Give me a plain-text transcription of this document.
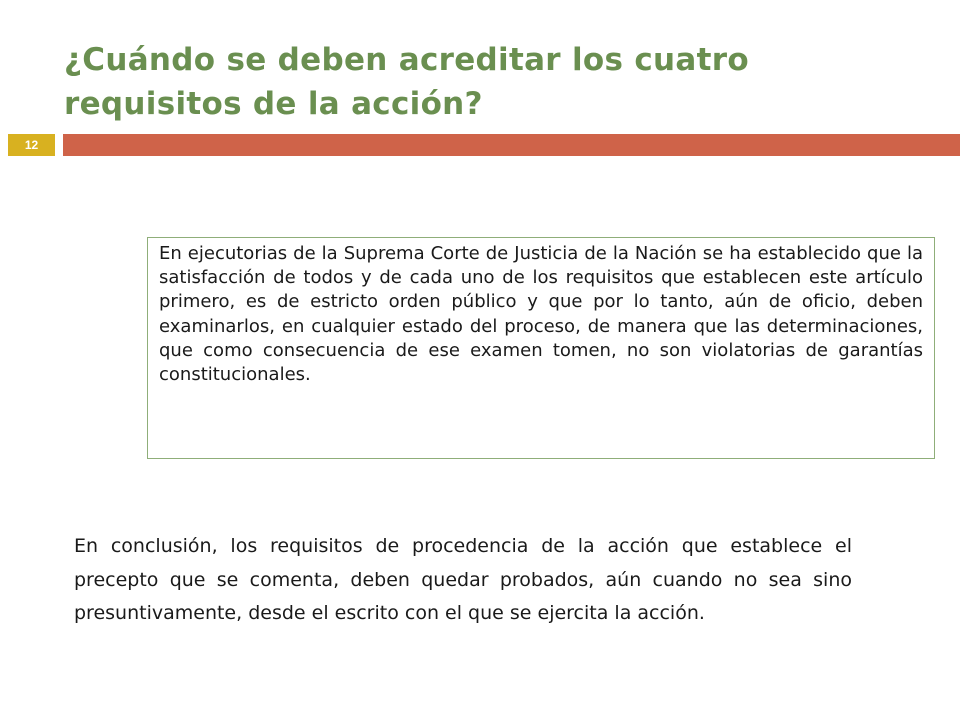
¿Cuándo se deben acreditar los cuatro requisitos de la acción?
12
En ejecutorias de la Suprema Corte de Justicia de la Nación se ha establecido que la satisfacción de todos y de cada uno de los requisitos que establecen este artículo primero, es de estricto orden público y que por lo tanto, aún de oficio, deben examinarlos, en cualquier estado del proceso, de manera que las determinaciones, que como consecuencia de ese examen tomen, no son violatorias de garantías constitucionales.

En conclusión, los requisitos de procedencia de la acción que establece el precepto que se comenta, deben quedar probados, aún cuando no sea sino presuntivamente, desde el escrito con el que se ejercita la acción.
